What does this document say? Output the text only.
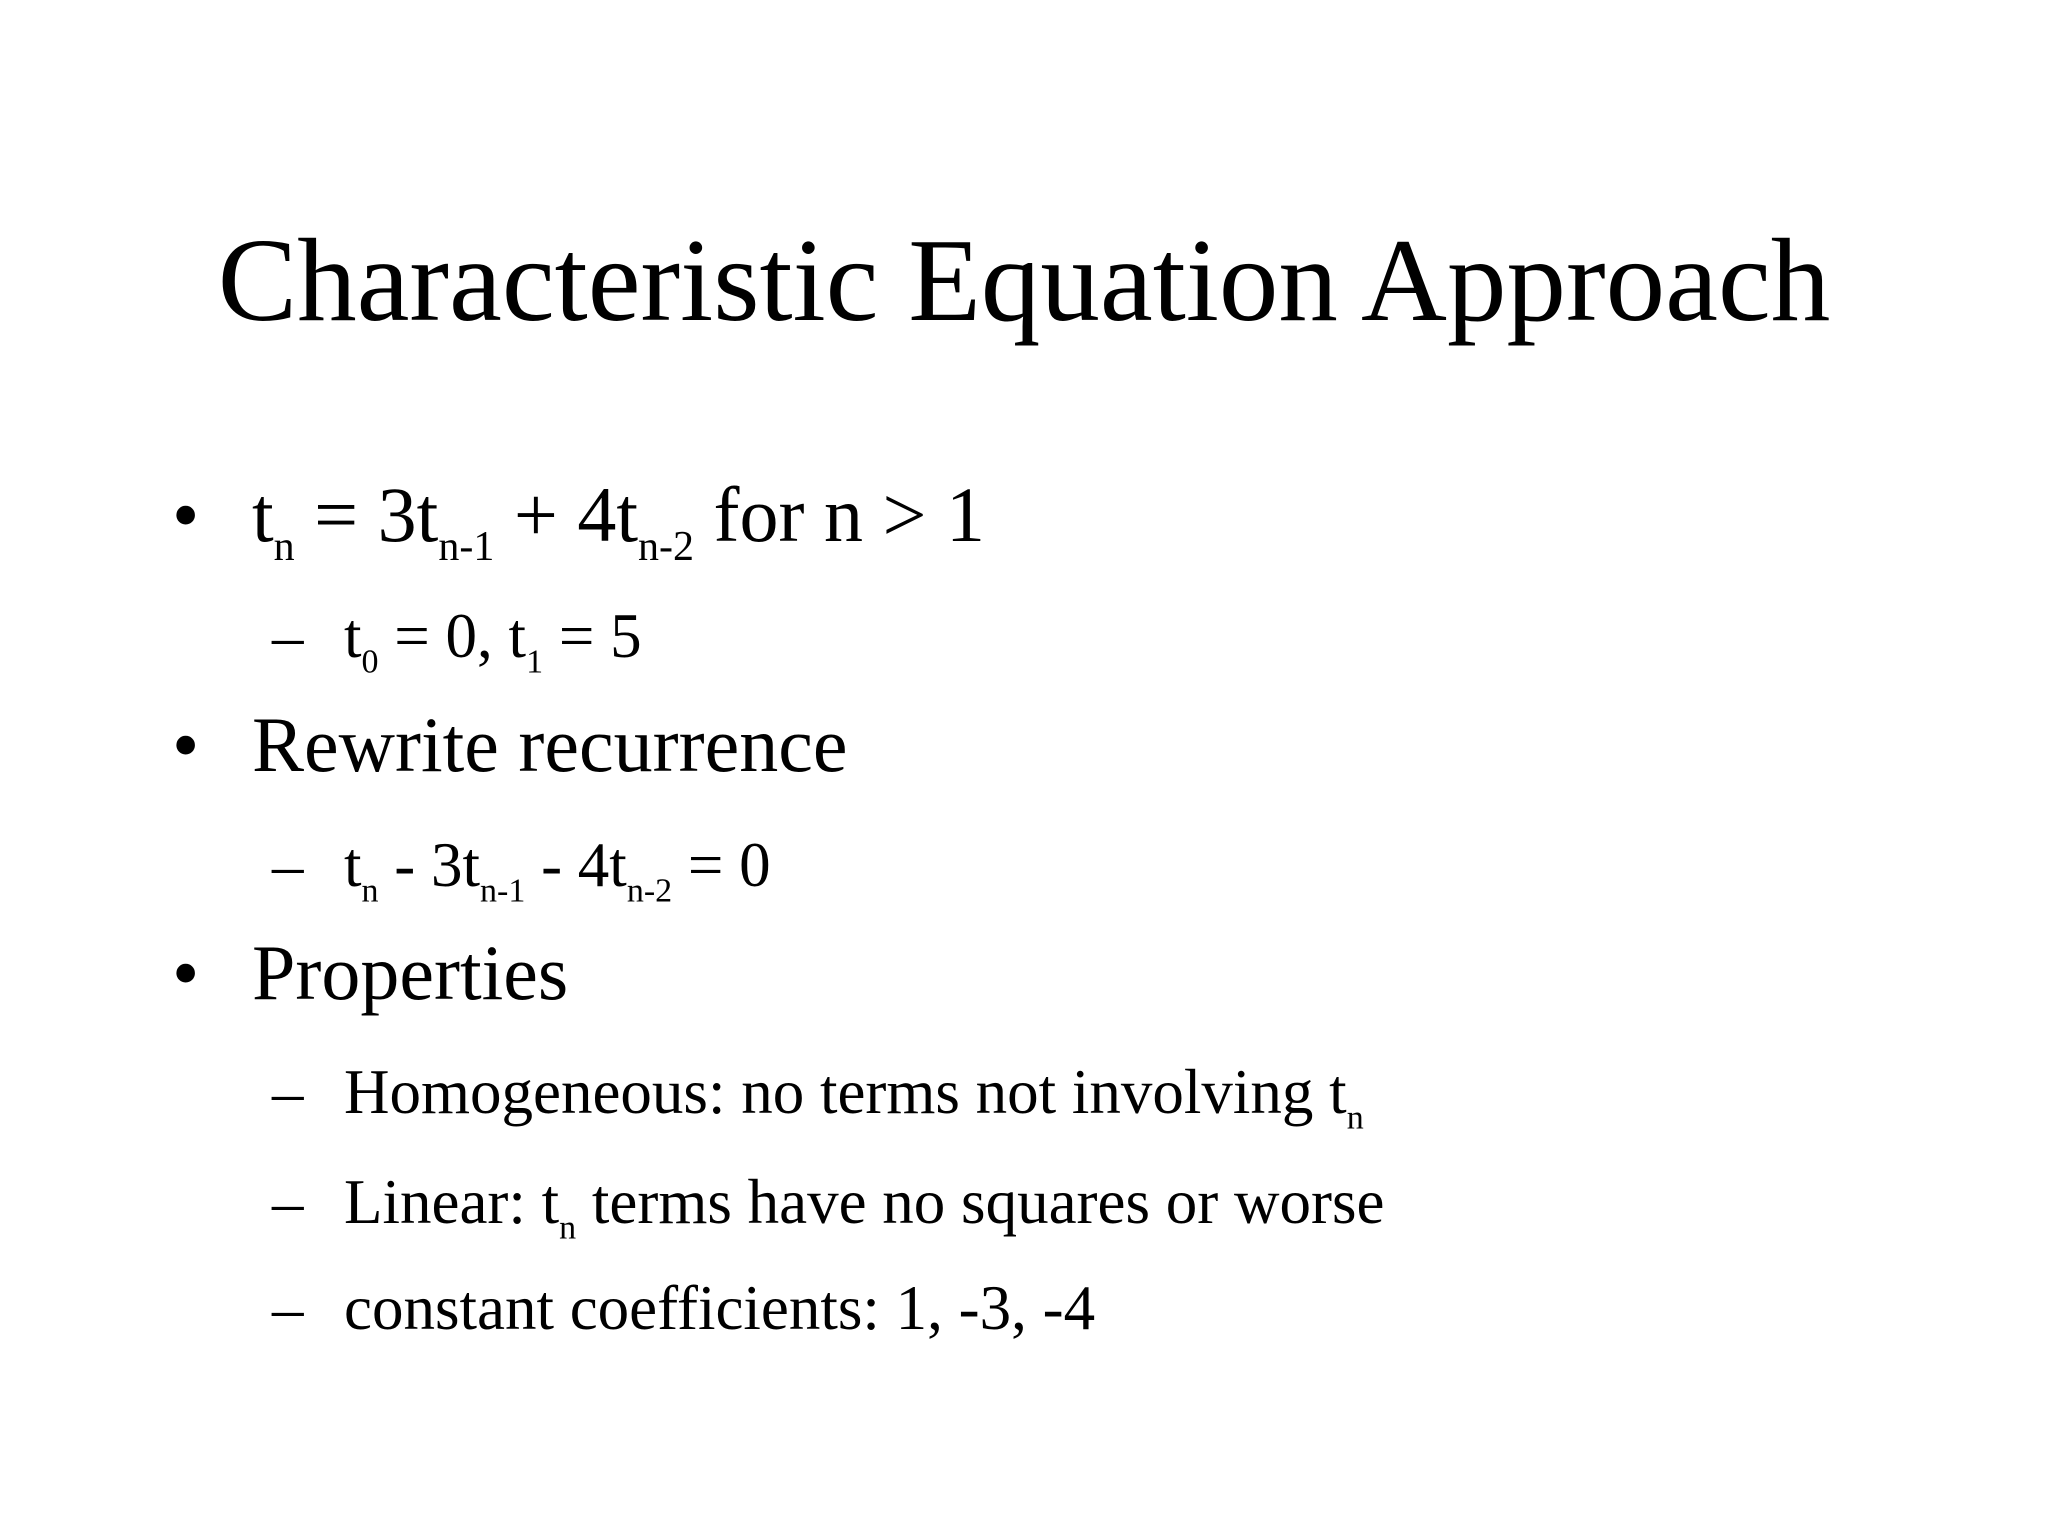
Characteristic Equation Approach
• $t_n = 3t_{n-1} + 4t_{n-2}$ for n > 1
– $t_0 = 0$, $t_1 = 5$
• Rewrite recurrence
– $t_n - 3t_{n-1} - 4t_{n-2} = 0$
• Properties
– Homogeneous: no terms not involving $t_n$
– Linear: $t_n$ terms have no squares or worse
– constant coefficients: 1, -3, -4
